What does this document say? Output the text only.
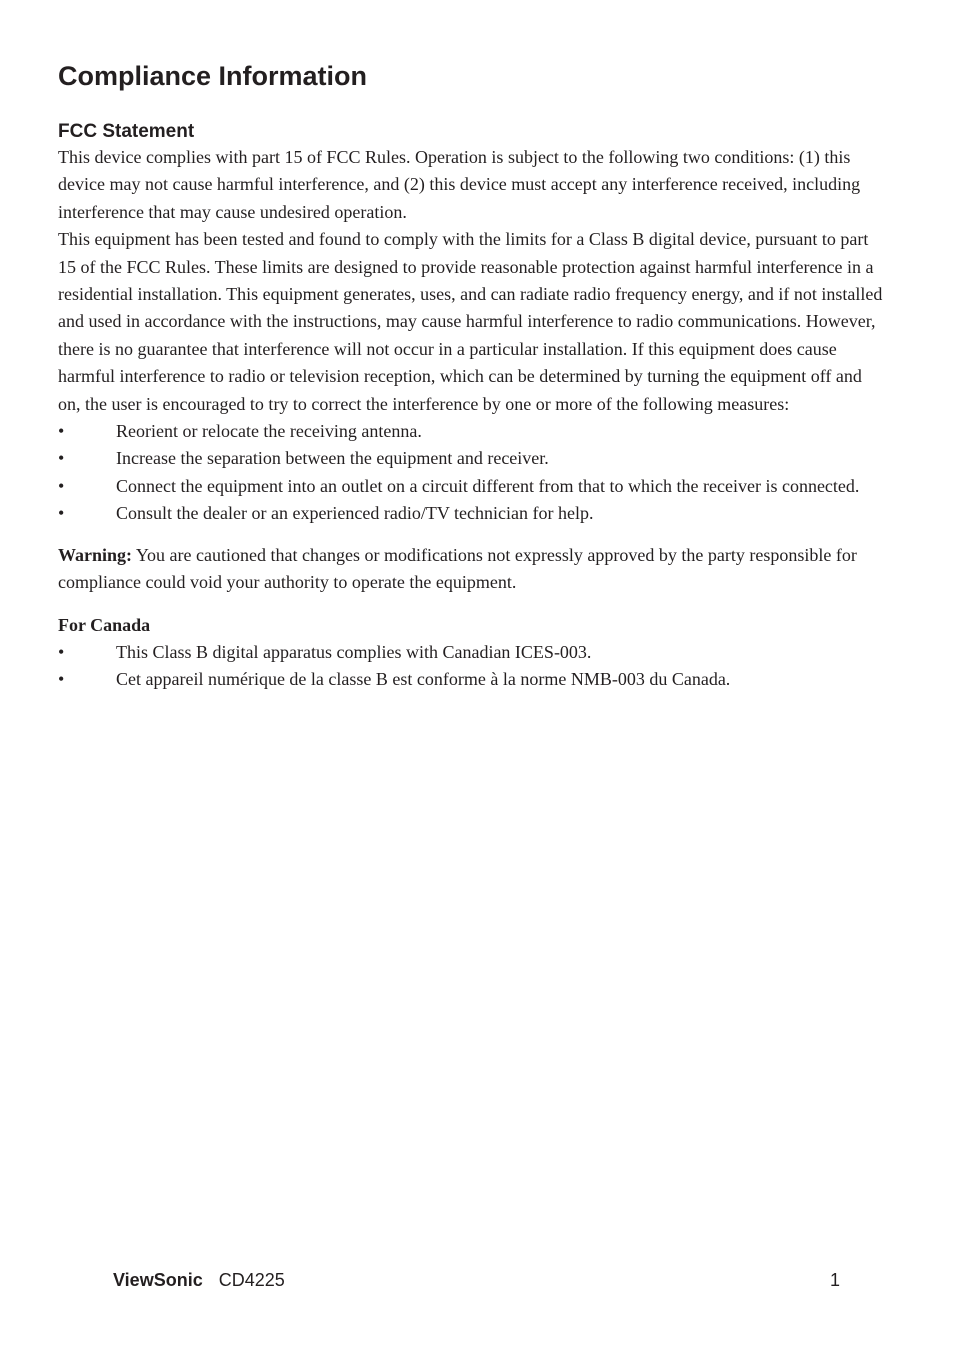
Compliance Information
FCC Statement

This device complies with part 15 of FCC Rules. Operation is subject to the following two conditions: (1) this device may not cause harmful interference, and (2) this device must accept any interference received, including interference that may cause undesired operation.

This equipment has been tested and found to comply with the limits for a Class B digital device, pursuant to part 15 of the FCC Rules. These limits are designed to provide reasonable protection against harmful interference in a residential installation. This equipment generates, uses, and can radiate radio frequency energy, and if not installed and used in accordance with the instructions, may cause harmful interference to radio communications. However, there is no guarantee that interference will not occur in a particular installation. If this equipment does cause harmful interference to radio or television reception, which can be determined by turning the equipment off and on, the user is encouraged to try to correct the interference by one or more of the following measures:

•	Reorient or relocate the receiving antenna.
•	Increase the separation between the equipment and receiver.
•	Connect the equipment into an outlet on a circuit different from that to which the receiver is connected.
•	Consult the dealer or an experienced radio/TV technician for help.

Warning: You are cautioned that changes or modifications not expressly approved by the party responsible for compliance could void your authority to operate the equipment.

For Canada
•	This Class B digital apparatus complies with Canadian ICES-003.
•	Cet appareil numérique de la classe B est conforme à la norme NMB-003 du Canada.
ViewSonic CD4225	1
